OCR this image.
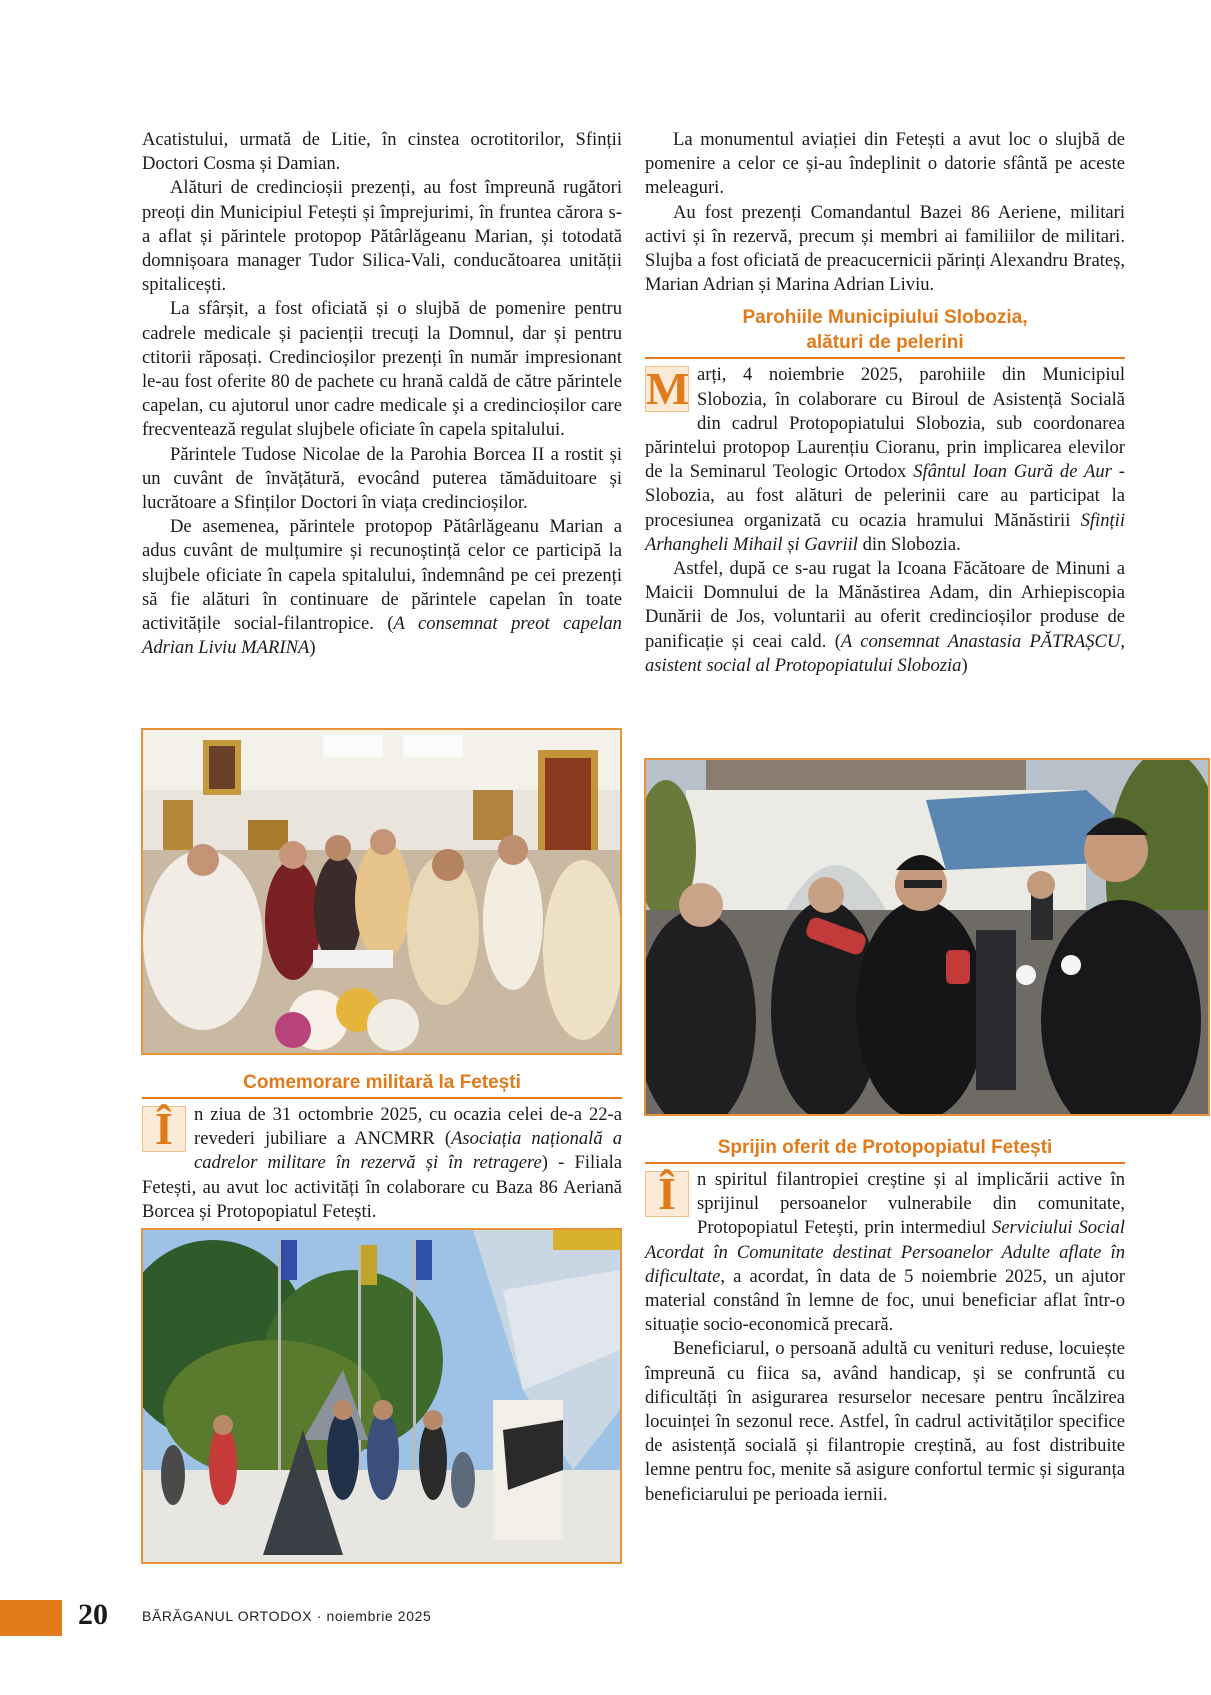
Acatistului, urmată de Litie, în cinstea ocrotitorilor, Sfinții Doctori Cosma și Damian.

Alături de credincioșii prezenți, au fost împreună rugători preoți din Municipiul Fetești și împrejurimi, în fruntea cărora s-a aflat și părintele protopop Pătârlăgeanu Marian, și totodată domnișoara manager Tudor Silica-Vali, conducătoarea unității spitalicești.

La sfârșit, a fost oficiată și o slujbă de pomenire pentru cadrele medicale și pacienții trecuți la Domnul, dar și pentru ctitorii răposați. Credincioșilor prezenți în număr impresionant le-au fost oferite 80 de pachete cu hrană caldă de către părintele capelan, cu ajutorul unor cadre medicale și a credincioșilor care frecventează regulat slujbele oficiate în capela spitalului.

Părintele Tudose Nicolae de la Parohia Borcea II a rostit și un cuvânt de învățătură, evocând puterea tămăduitoare și lucrătoare a Sfinților Doctori în viața credincioșilor.

De asemenea, părintele protopop Pătârlăgeanu Marian a adus cuvânt de mulțumire și recunoștință celor ce participă la slujbele oficiate în capela spitalului, îndemnând pe cei prezenți să fie alături în continuare de părintele capelan în toate activitățile social-filantropice. (A consemnat preot capelan Adrian Liviu MARINA)

Comemorare militară la Fetești

Î	n ziua de 31 octombrie 2025, cu ocazia celei de-a 22-a revederi jubiliare a ANCMRR (Asociația națională a cadrelor militare în rezervă și în retragere) - Filiala Fetești, au avut loc activități în colaborare cu Baza 86 Aeriană Borcea și Protopopiatul Fetești.

La monumentul aviației din Fetești a avut loc o slujbă de pomenire a celor ce și-au îndeplinit o datorie sfântă pe aceste meleaguri.

Au fost prezenți Comandantul Bazei 86 Aeriene, militari activi și în rezervă, precum și membri ai familiilor de militari. Slujba a fost oficiată de preacucernicii părinți Alexandru Brateș, Marian Adrian și Marina Adrian Liviu.

Parohiile Municipiului Slobozia,
alături de pelerini

M arți, 4 noiembrie 2025, parohiile din Municipiul Slobozia, în colaborare cu Biroul de Asistență Socială din cadrul Protopopiatului Slobozia, sub coordonarea părintelui protopop Laurențiu Cioranu, prin implicarea elevilor de la Seminarul Teologic Ortodox Sfântul Ioan Gură de Aur - Slobozia, au fost alături de pelerinii care au participat la procesiunea organizată cu ocazia hramului Mănăstirii Sfinții Arhangheli Mihail și Gavriil din Slobozia.

Astfel, după ce s-au rugat la Icoana Făcătoare de Minuni a Maicii Domnului de la Mănăstirea Adam, din Arhiepiscopia Dunării de Jos, voluntarii au oferit credincioșilor produse de panificație și ceai cald. (A consemnat Anastasia PĂTRAȘCU, asistent social al Protopopiatului Slobozia)

Sprijin oferit de Protopopiatul Fetești

Î	n spiritul filantropiei creștine și al implicării active în sprijinul persoanelor vulnerabile din comunitate, Protopopiatul Fetești, prin intermediul Serviciului Social Acordat în Comunitate destinat Persoanelor Adulte aflate în dificultate, a acordat, în data de 5 noiembrie 2025, un ajutor material constând în lemne de foc, unui beneficiar aflat într-o situație socio-economică precară.

Beneficiarul, o persoană adultă cu venituri reduse, locuiește împreună cu fiica sa, având handicap, și se confruntă cu dificultăți în asigurarea resurselor necesare pentru încălzirea locuinței în sezonul rece. Astfel, în cadrul activităților specifice de asistență socială și filantropie creștină, au fost distribuite lemne pentru foc, menite să asigure confortul termic și siguranța beneficiarului pe perioada iernii.

20 BĂRĂGANUL ORTODOX · noiembrie 2025
